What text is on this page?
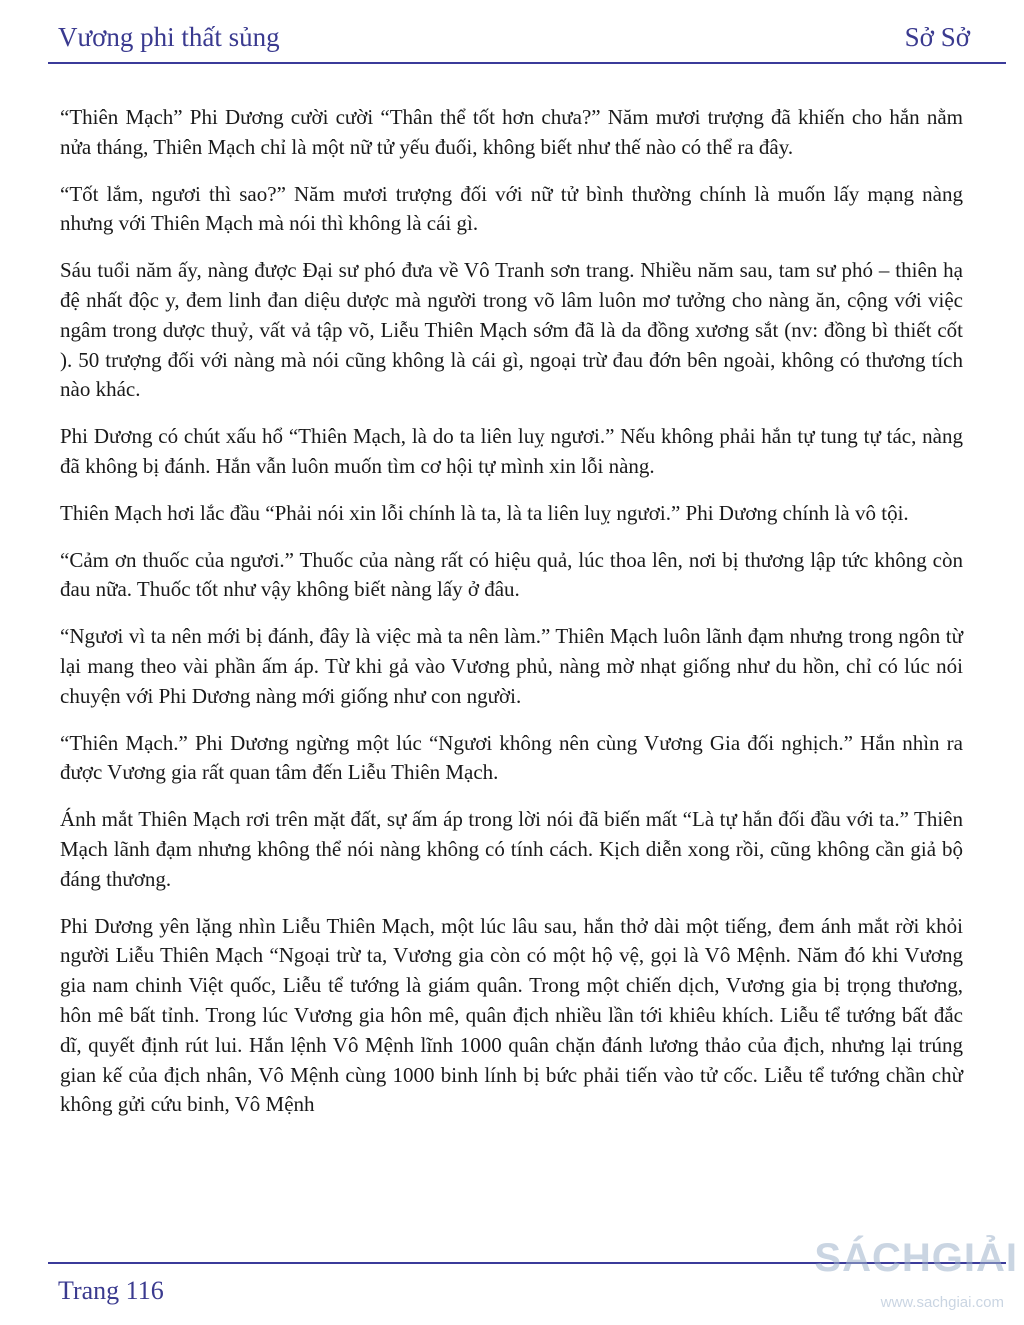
Vương phi thất sủng	Sở Sở

“Thiên Mạch” Phi Dương cười cười “Thân thể tốt hơn chưa?” Năm mươi trượng đã khiến cho hắn nằm nửa tháng, Thiên Mạch chỉ là một nữ tử yếu đuối, không biết như thế nào có thể ra đây.

“Tốt lắm, ngươi thì sao?” Năm mươi trượng đối với nữ tử bình thường chính là muốn lấy mạng nàng nhưng với Thiên Mạch mà nói thì không là cái gì.

Sáu tuổi năm ấy, nàng được Đại sư phó đưa về Vô Tranh sơn trang. Nhiều năm sau, tam sư phó – thiên hạ đệ nhất độc y, đem linh đan diệu dược mà người trong võ lâm luôn mơ tưởng cho nàng ăn, cộng với việc ngâm trong dược thuỷ, vất vả tập võ, Liễu Thiên Mạch sớm đã là da đồng xương sắt (nv: đồng bì thiết cốt ). 50 trượng đối với nàng mà nói cũng không là cái gì, ngoại trừ đau đớn bên ngoài, không có thương tích nào khác.

Phi Dương có chút xấu hổ “Thiên Mạch, là do ta liên luỵ ngươi.” Nếu không phải hắn tự tung tự tác, nàng đã không bị đánh. Hắn vẫn luôn muốn tìm cơ hội tự mình xin lỗi nàng.

Thiên Mạch hơi lắc đầu “Phải nói xin lỗi chính là ta, là ta liên luỵ ngươi.” Phi Dương chính là vô tội.

“Cảm ơn thuốc của ngươi.” Thuốc của nàng rất có hiệu quả, lúc thoa lên, nơi bị thương lập tức không còn đau nữa. Thuốc tốt như vậy không biết nàng lấy ở đâu.

“Ngươi vì ta nên mới bị đánh, đây là việc mà ta nên làm.” Thiên Mạch luôn lãnh đạm nhưng trong ngôn từ lại mang theo vài phần ấm áp. Từ khi gả vào Vương phủ, nàng mờ nhạt giống như du hồn, chỉ có lúc nói chuyện với Phi Dương nàng mới giống như con người.

“Thiên Mạch.” Phi Dương ngừng một lúc “Ngươi không nên cùng Vương Gia đối nghịch.” Hắn nhìn ra được Vương gia rất quan tâm đến Liễu Thiên Mạch.

Ánh mắt Thiên Mạch rơi trên mặt đất, sự ấm áp trong lời nói đã biến mất “Là tự hắn đối đầu với ta.” Thiên Mạch lãnh đạm nhưng không thể nói nàng không có tính cách. Kịch diễn xong rồi, cũng không cần giả bộ đáng thương.

Phi Dương yên lặng nhìn Liễu Thiên Mạch, một lúc lâu sau, hắn thở dài một tiếng, đem ánh mắt rời khỏi người Liễu Thiên Mạch “Ngoại trừ ta, Vương gia còn có một hộ vệ, gọi là Vô Mệnh. Năm đó khi Vương gia nam chinh Việt quốc, Liễu tể tướng là giám quân. Trong một chiến dịch, Vương gia bị trọng thương, hôn mê bất tỉnh. Trong lúc Vương gia hôn mê, quân địch nhiều lần tới khiêu khích. Liễu tể tướng bất đắc dĩ, quyết định rút lui. Hắn lệnh Vô Mệnh lĩnh 1000 quân chặn đánh lương thảo của địch, nhưng lại trúng gian kế của địch nhân, Vô Mệnh cùng 1000 binh lính bị bức phải tiến vào tử cốc. Liễu tể tướng chần chừ không gửi cứu binh, Vô Mệnh

Trang 116
SÁCHGIẢI
www.sachgiai.com
